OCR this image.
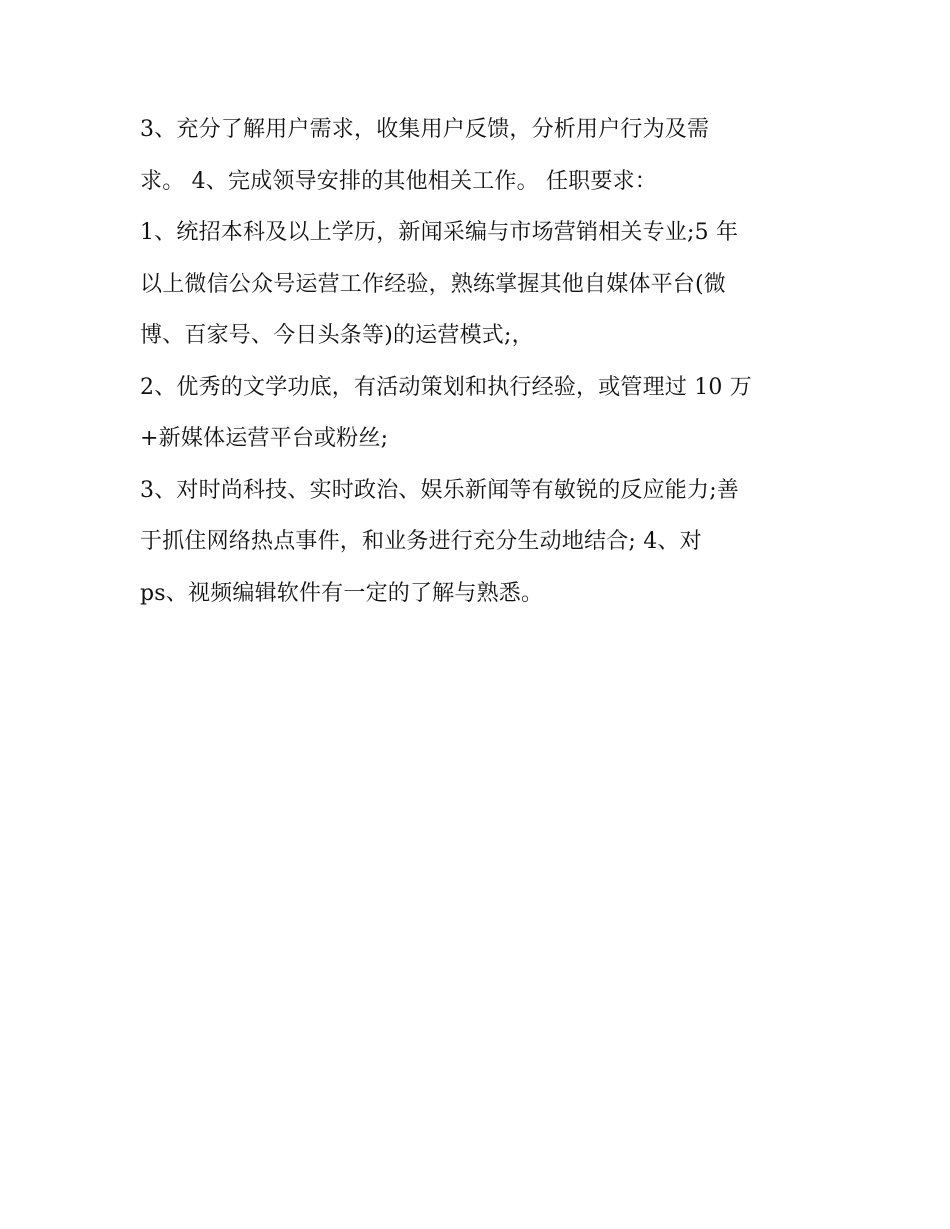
3、充分了解用户需求，收集用户反馈，分析用户行为及需
求。 4、完成领导安排的其他相关工作。 任职要求：
1、统招本科及以上学历，新闻采编与市场营销相关专业;5 年
以上微信公众号运营工作经验，熟练掌握其他自媒体平台(微
博、百家号、今日头条等)的运营模式;，
2、优秀的文学功底，有活动策划和执行经验，或管理过 10 万
+新媒体运营平台或粉丝;
3、对时尚科技、实时政治、娱乐新闻等有敏锐的反应能力;善
于抓住网络热点事件，和业务进行充分生动地结合; 4、对
ps、视频编辑软件有一定的了解与熟悉。
